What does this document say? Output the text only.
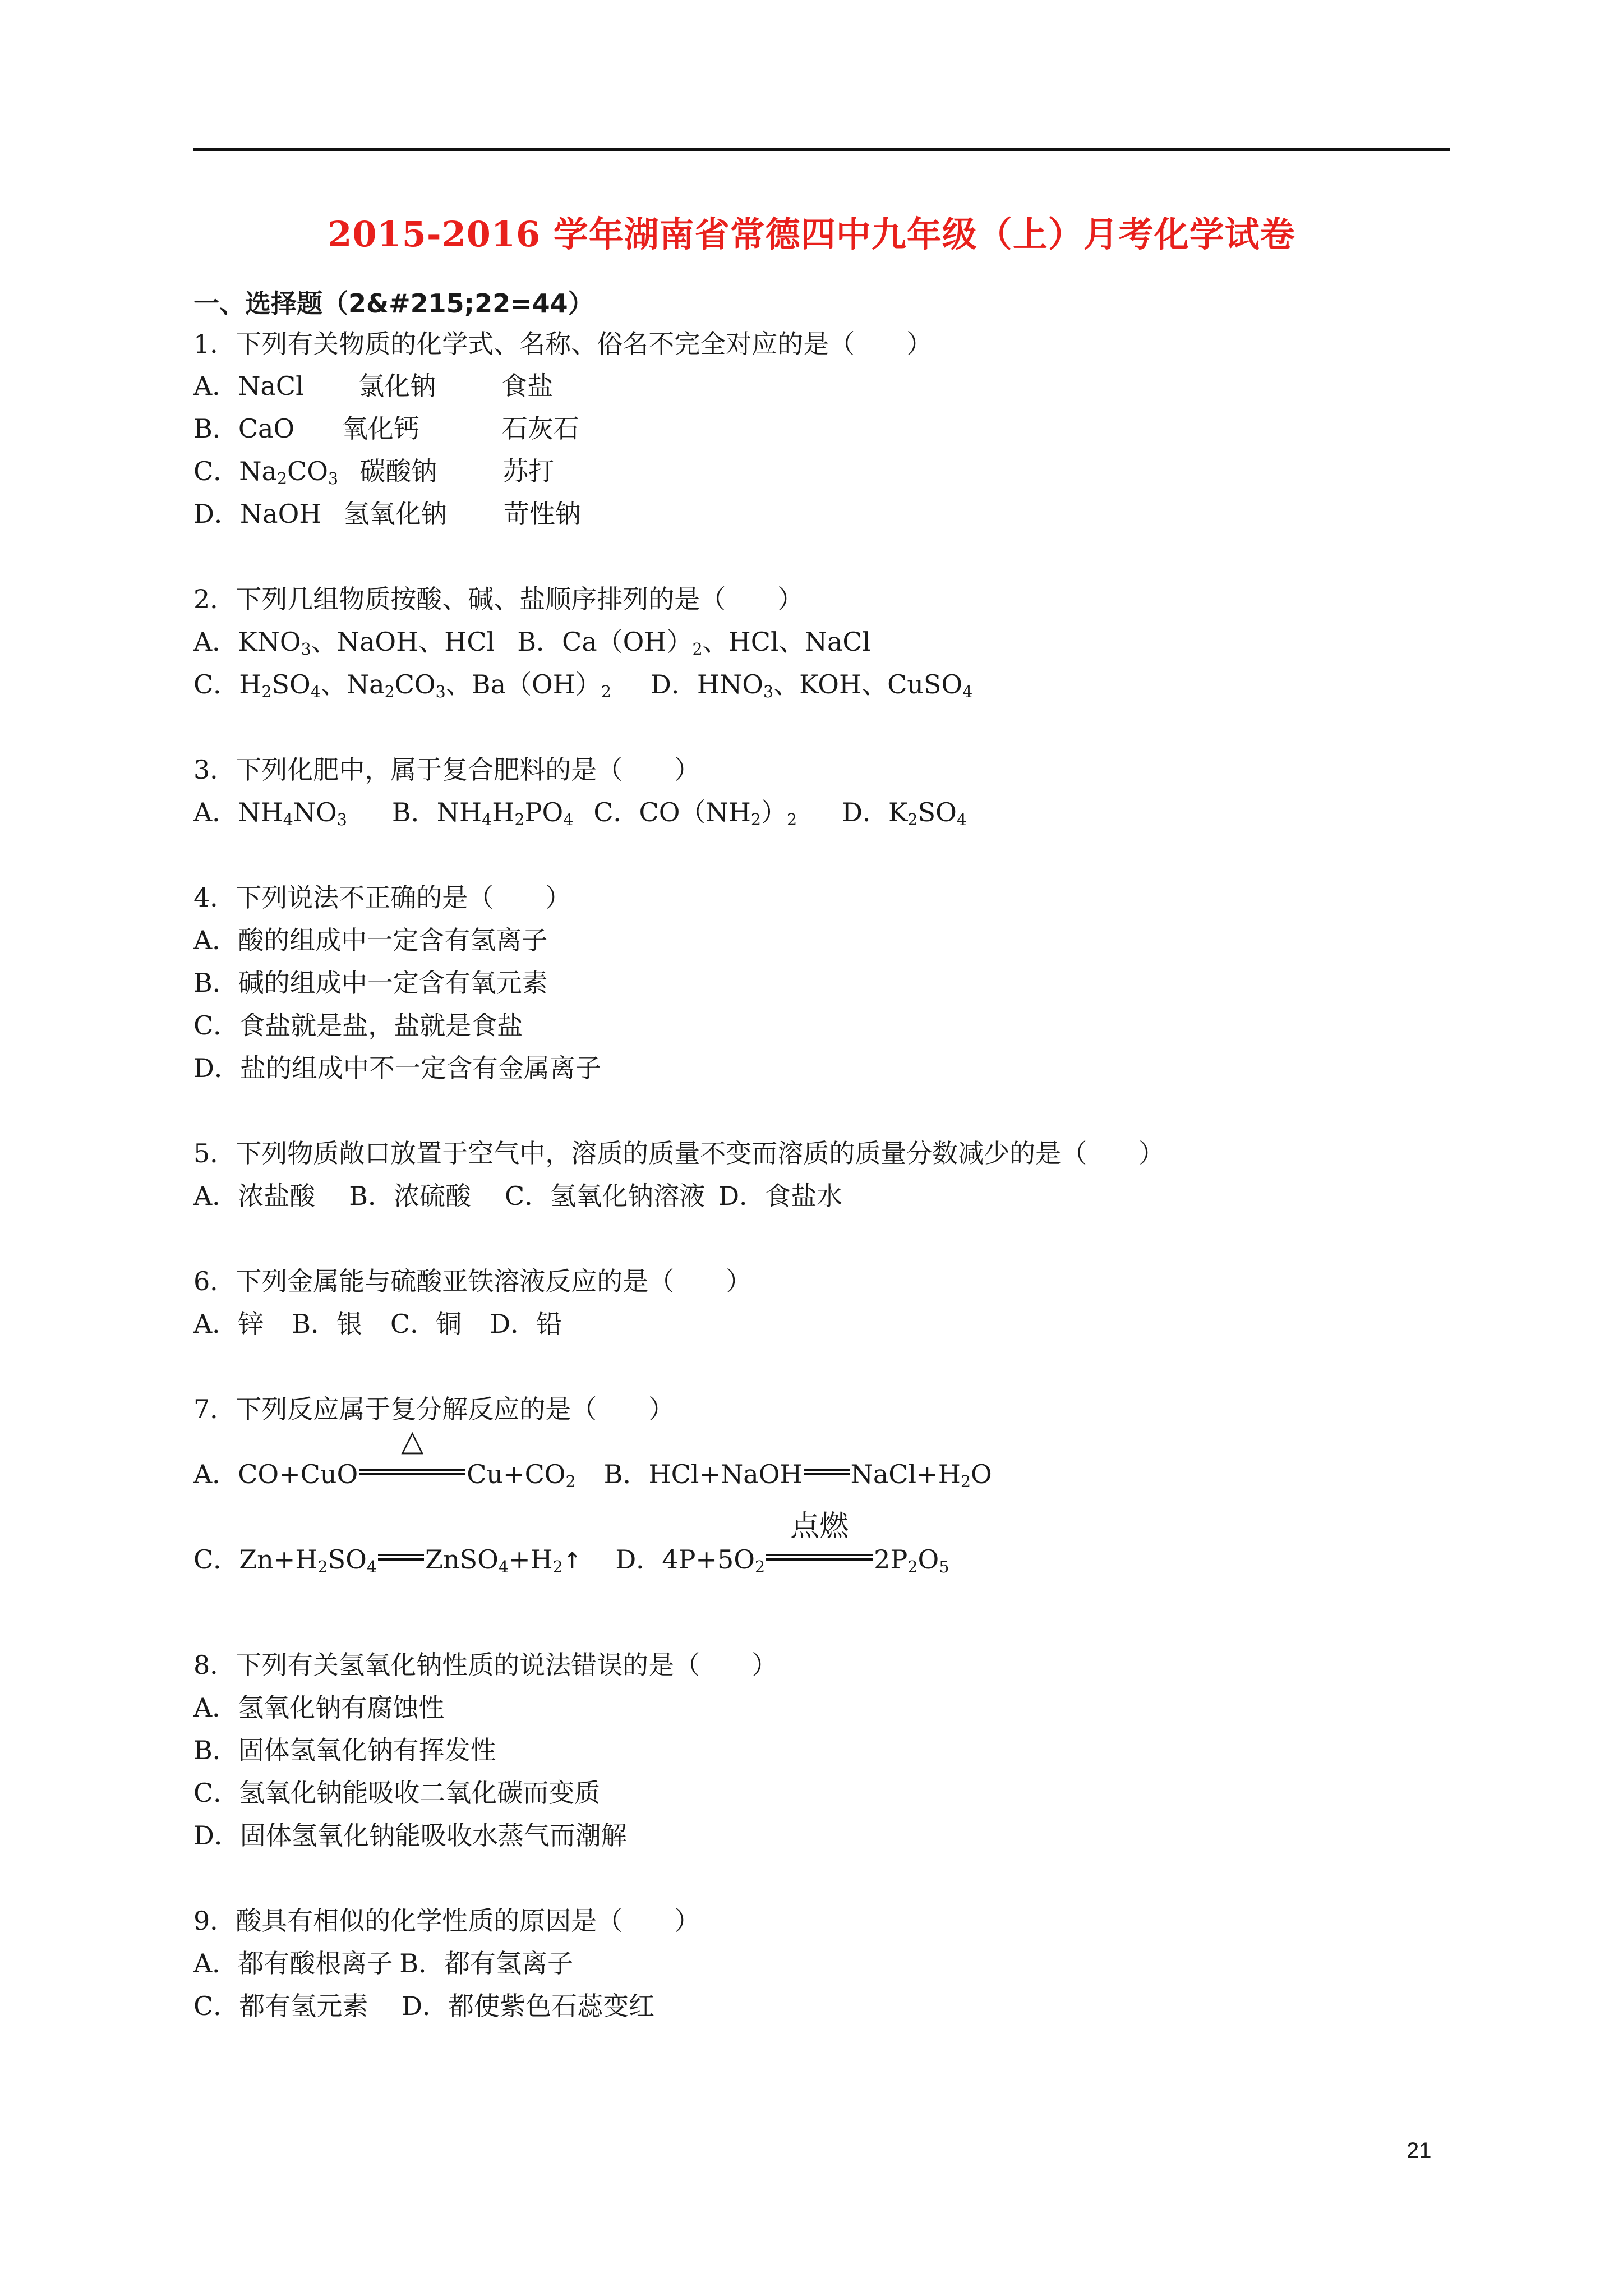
2015-2016 学年湖南省常德四中九年级（上）月考化学试卷
一、选择题（2&#215;22=44）
1．下列有关物质的化学式、名称、俗名不完全对应的是（　　）
A．NaCl 氯化钠	食盐
B．CaO 氧化钙	石灰石
C．$Na_2CO_3$ 碳酸钠	苏打
D．NaOH 氢氧化钠 苛性钠
2．下列几组物质按酸、碱、盐顺序排列的是（　　）
A．$KNO_3$、NaOH、HCl B．$Ca(OH)_2$、HCl、NaCl
C．$H_2SO_4$、$Na_2CO_3$、$Ba(OH)_2$ D．$HNO_3$、KOH、CuSO$_4$
3．下列化肥中，属于复合肥料的是（　　）
A．$NH_4NO_3$ B．$NH_4H_2PO_4$ C．$CO(NH_2)_2$ D．$K_2SO_4$
4．下列说法不正确的是（　　）
A．酸的组成中一定含有氢离子
B．碱的组成中一定含有氧元素
C．食盐就是盐，盐就是食盐
D．盐的组成中不一定含有金属离子
5．下列物质敞口放置于空气中，溶质的质量不变而溶质的质量分数减少的是（　　）
A．浓盐酸 B．浓硫酸 C．氢氧化钠溶液 D．食盐水
6．下列金属能与硫酸亚铁溶液反应的是（　　）
A．锌 B．银 C．铜 D．铅
7．下列反应属于复分解反应的是（　　）
A．CO+CuO
△
$Cu+CO_2$ B．HCl+NaOH $NaCl+H_2O$
C．$Zn+H_2SO_4$ $ZnSO_4+H_2↑$ D．$4P+5O_2$
点燃
$2P_2O_5$
8．下列有关氢氧化钠性质的说法错误的是（　　）
A．氢氧化钠有腐蚀性
B．固体氢氧化钠有挥发性
C．氢氧化钠能吸收二氧化碳而变质
D．固体氢氧化钠能吸收水蒸气而潮解
9．酸具有相似的化学性质的原因是（　　）
A．都有酸根离子 B．都有氢离子
C．都有氢元素 D．都使紫色石蕊变红
21
